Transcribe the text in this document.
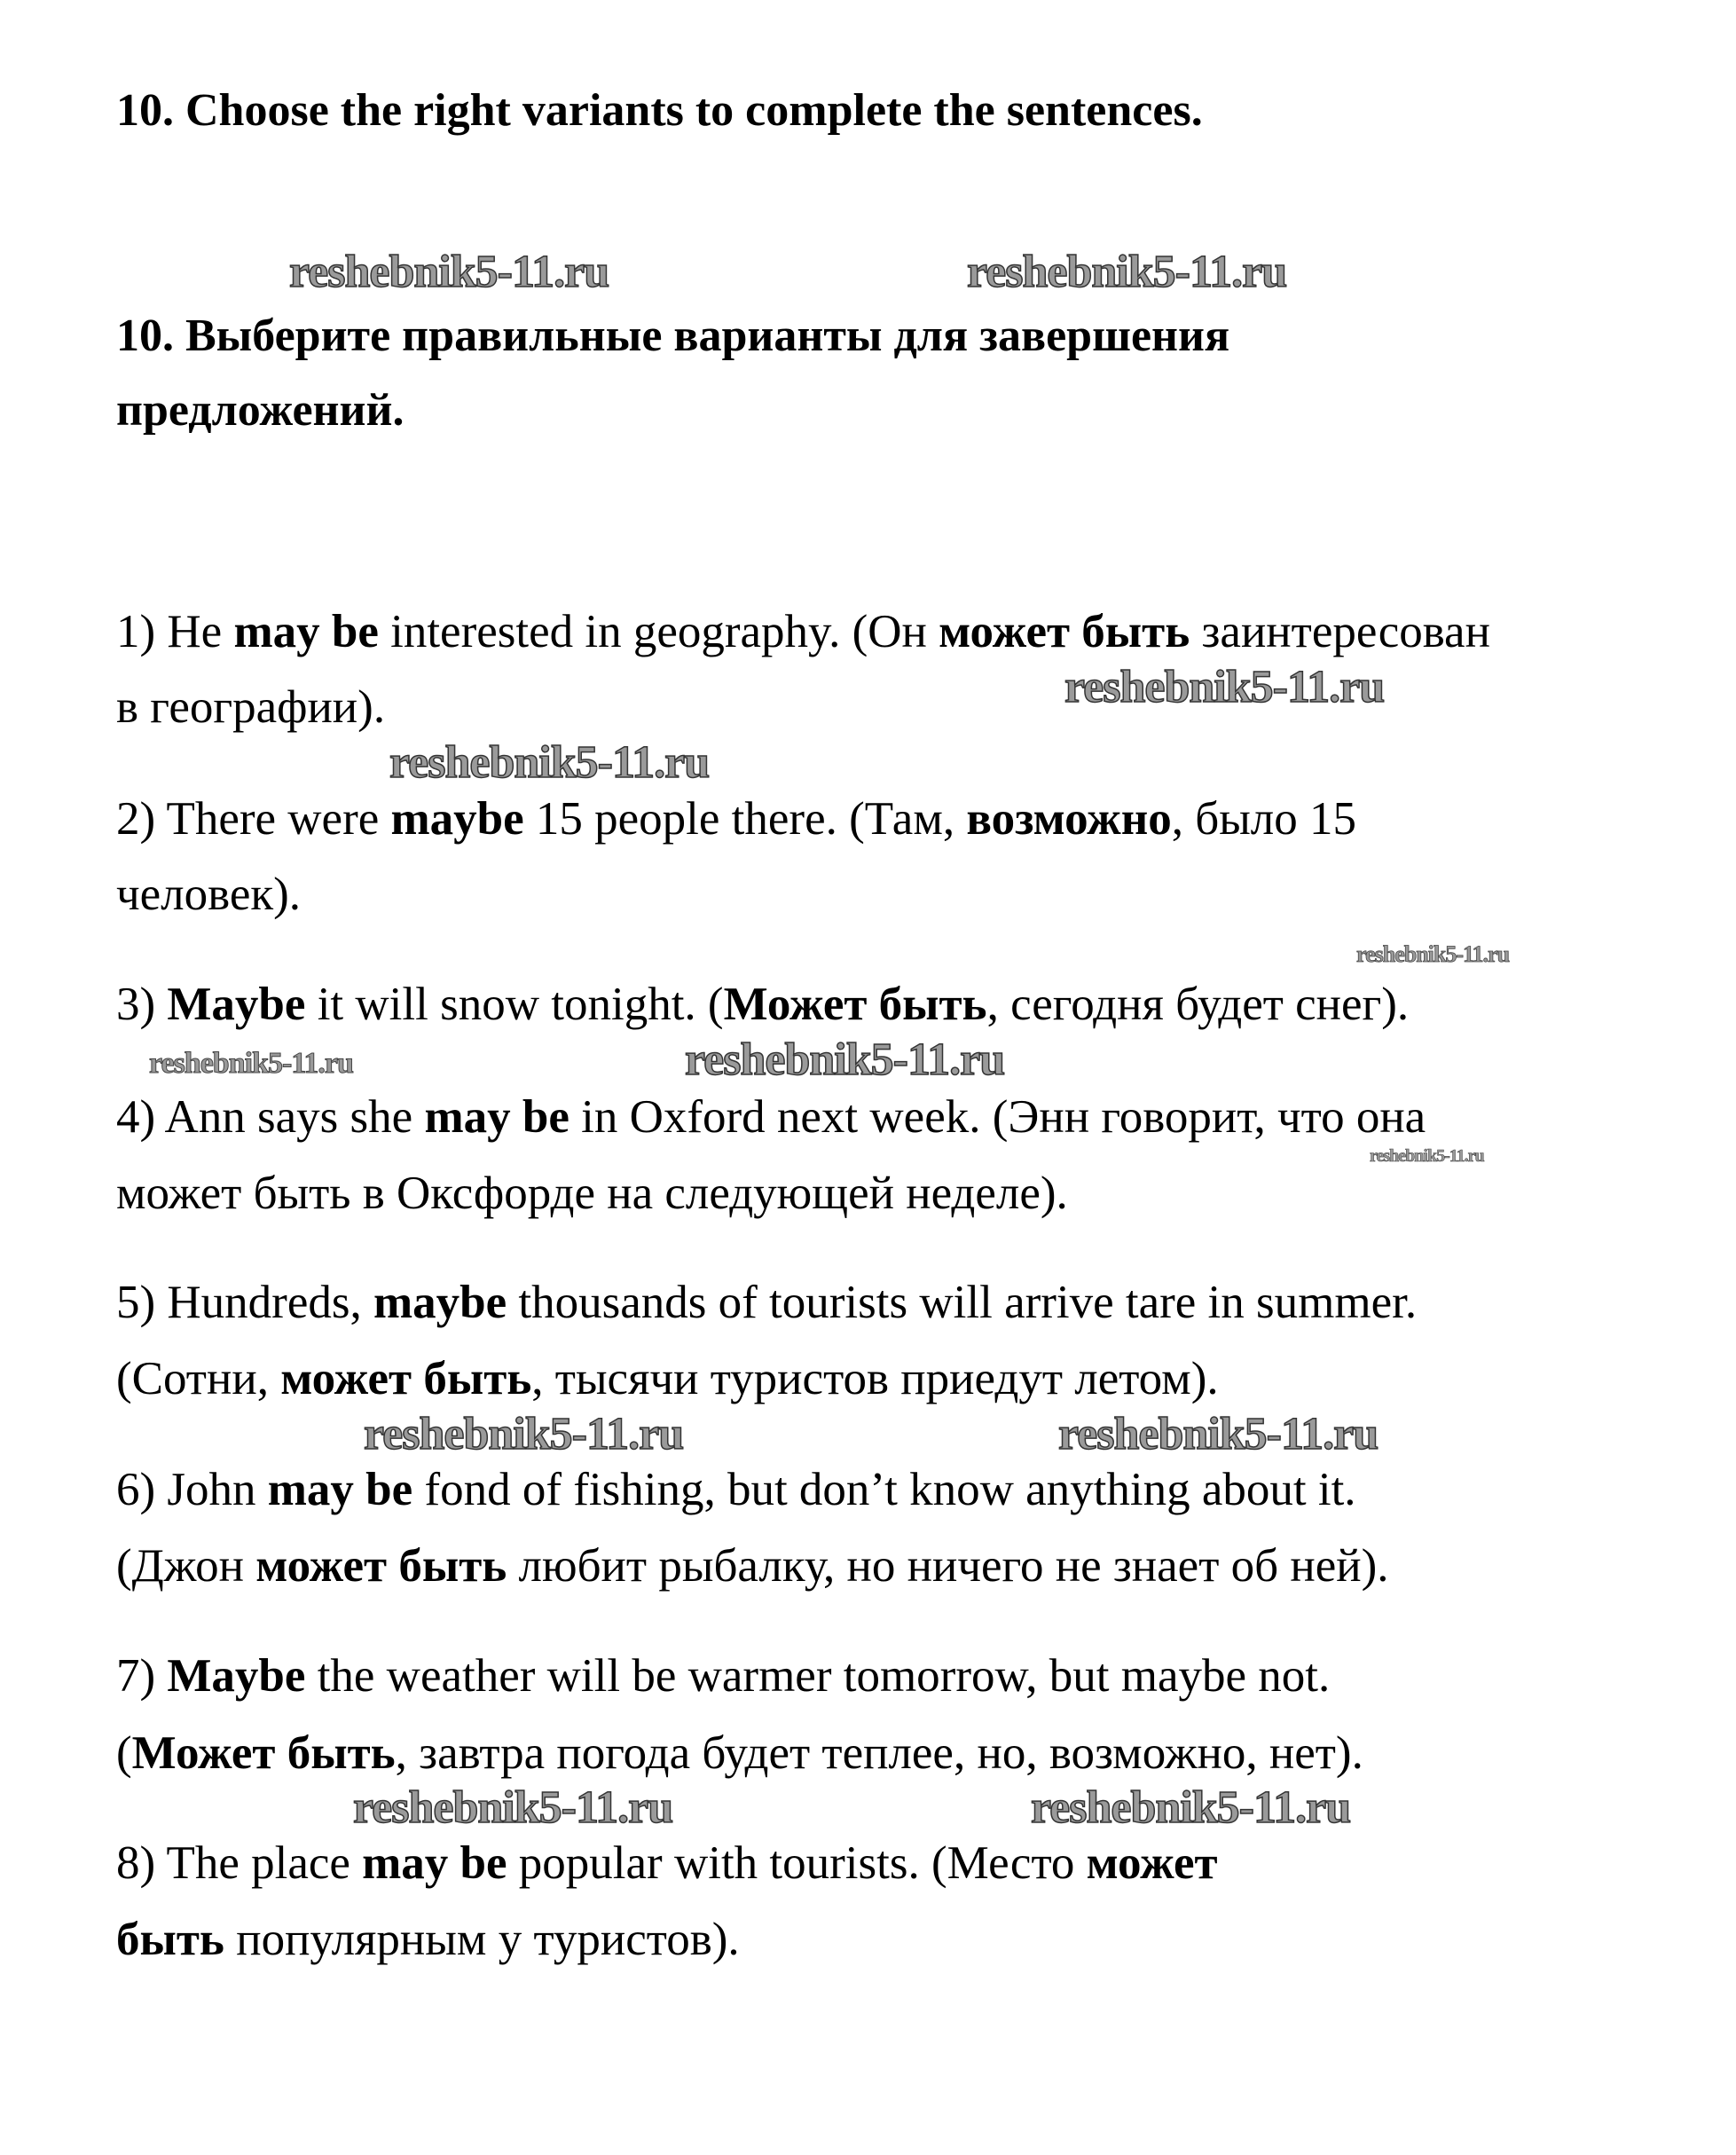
10. Choose the right variants to complete the sentences.
10. Выберите правильные варианты для завершения
предложений.
1) He may be interested in geography. (Он может быть заинтересован
в географии).
2) There were maybe 15 people there. (Там, возможно, было 15
человек).
3) Maybe it will snow tonight. (Может быть, сегодня будет снег).
4) Ann says she may be in Oxford next week. (Энн говорит, что она
может быть в Оксфорде на следующей неделе).
5) Hundreds, maybe thousands of tourists will arrive tare in summer.
(Сотни, может быть, тысячи туристов приедут летом).
6) John may be fond of fishing, but don’t know anything about it.
(Джон может быть любит рыбалку, но ничего не знает об ней).
7) Maybe the weather will be warmer tomorrow, but maybe not.
(Может быть, завтра погода будет теплее, но, возможно, нет).
8) The place may be popular with tourists. (Место может
быть популярным у туристов).
reshebnik5-11.ru	reshebnik5-11.ru
reshebnik5-11.ru
reshebnik5-11.ru
reshebnik5-11.ru
reshebnik5-11.ru
reshebnik5-11.ru
reshebnik5-11.ru
reshebnik5-11.ru	reshebnik5-11.ru
reshebnik5-11.ru	reshebnik5-11.ru
